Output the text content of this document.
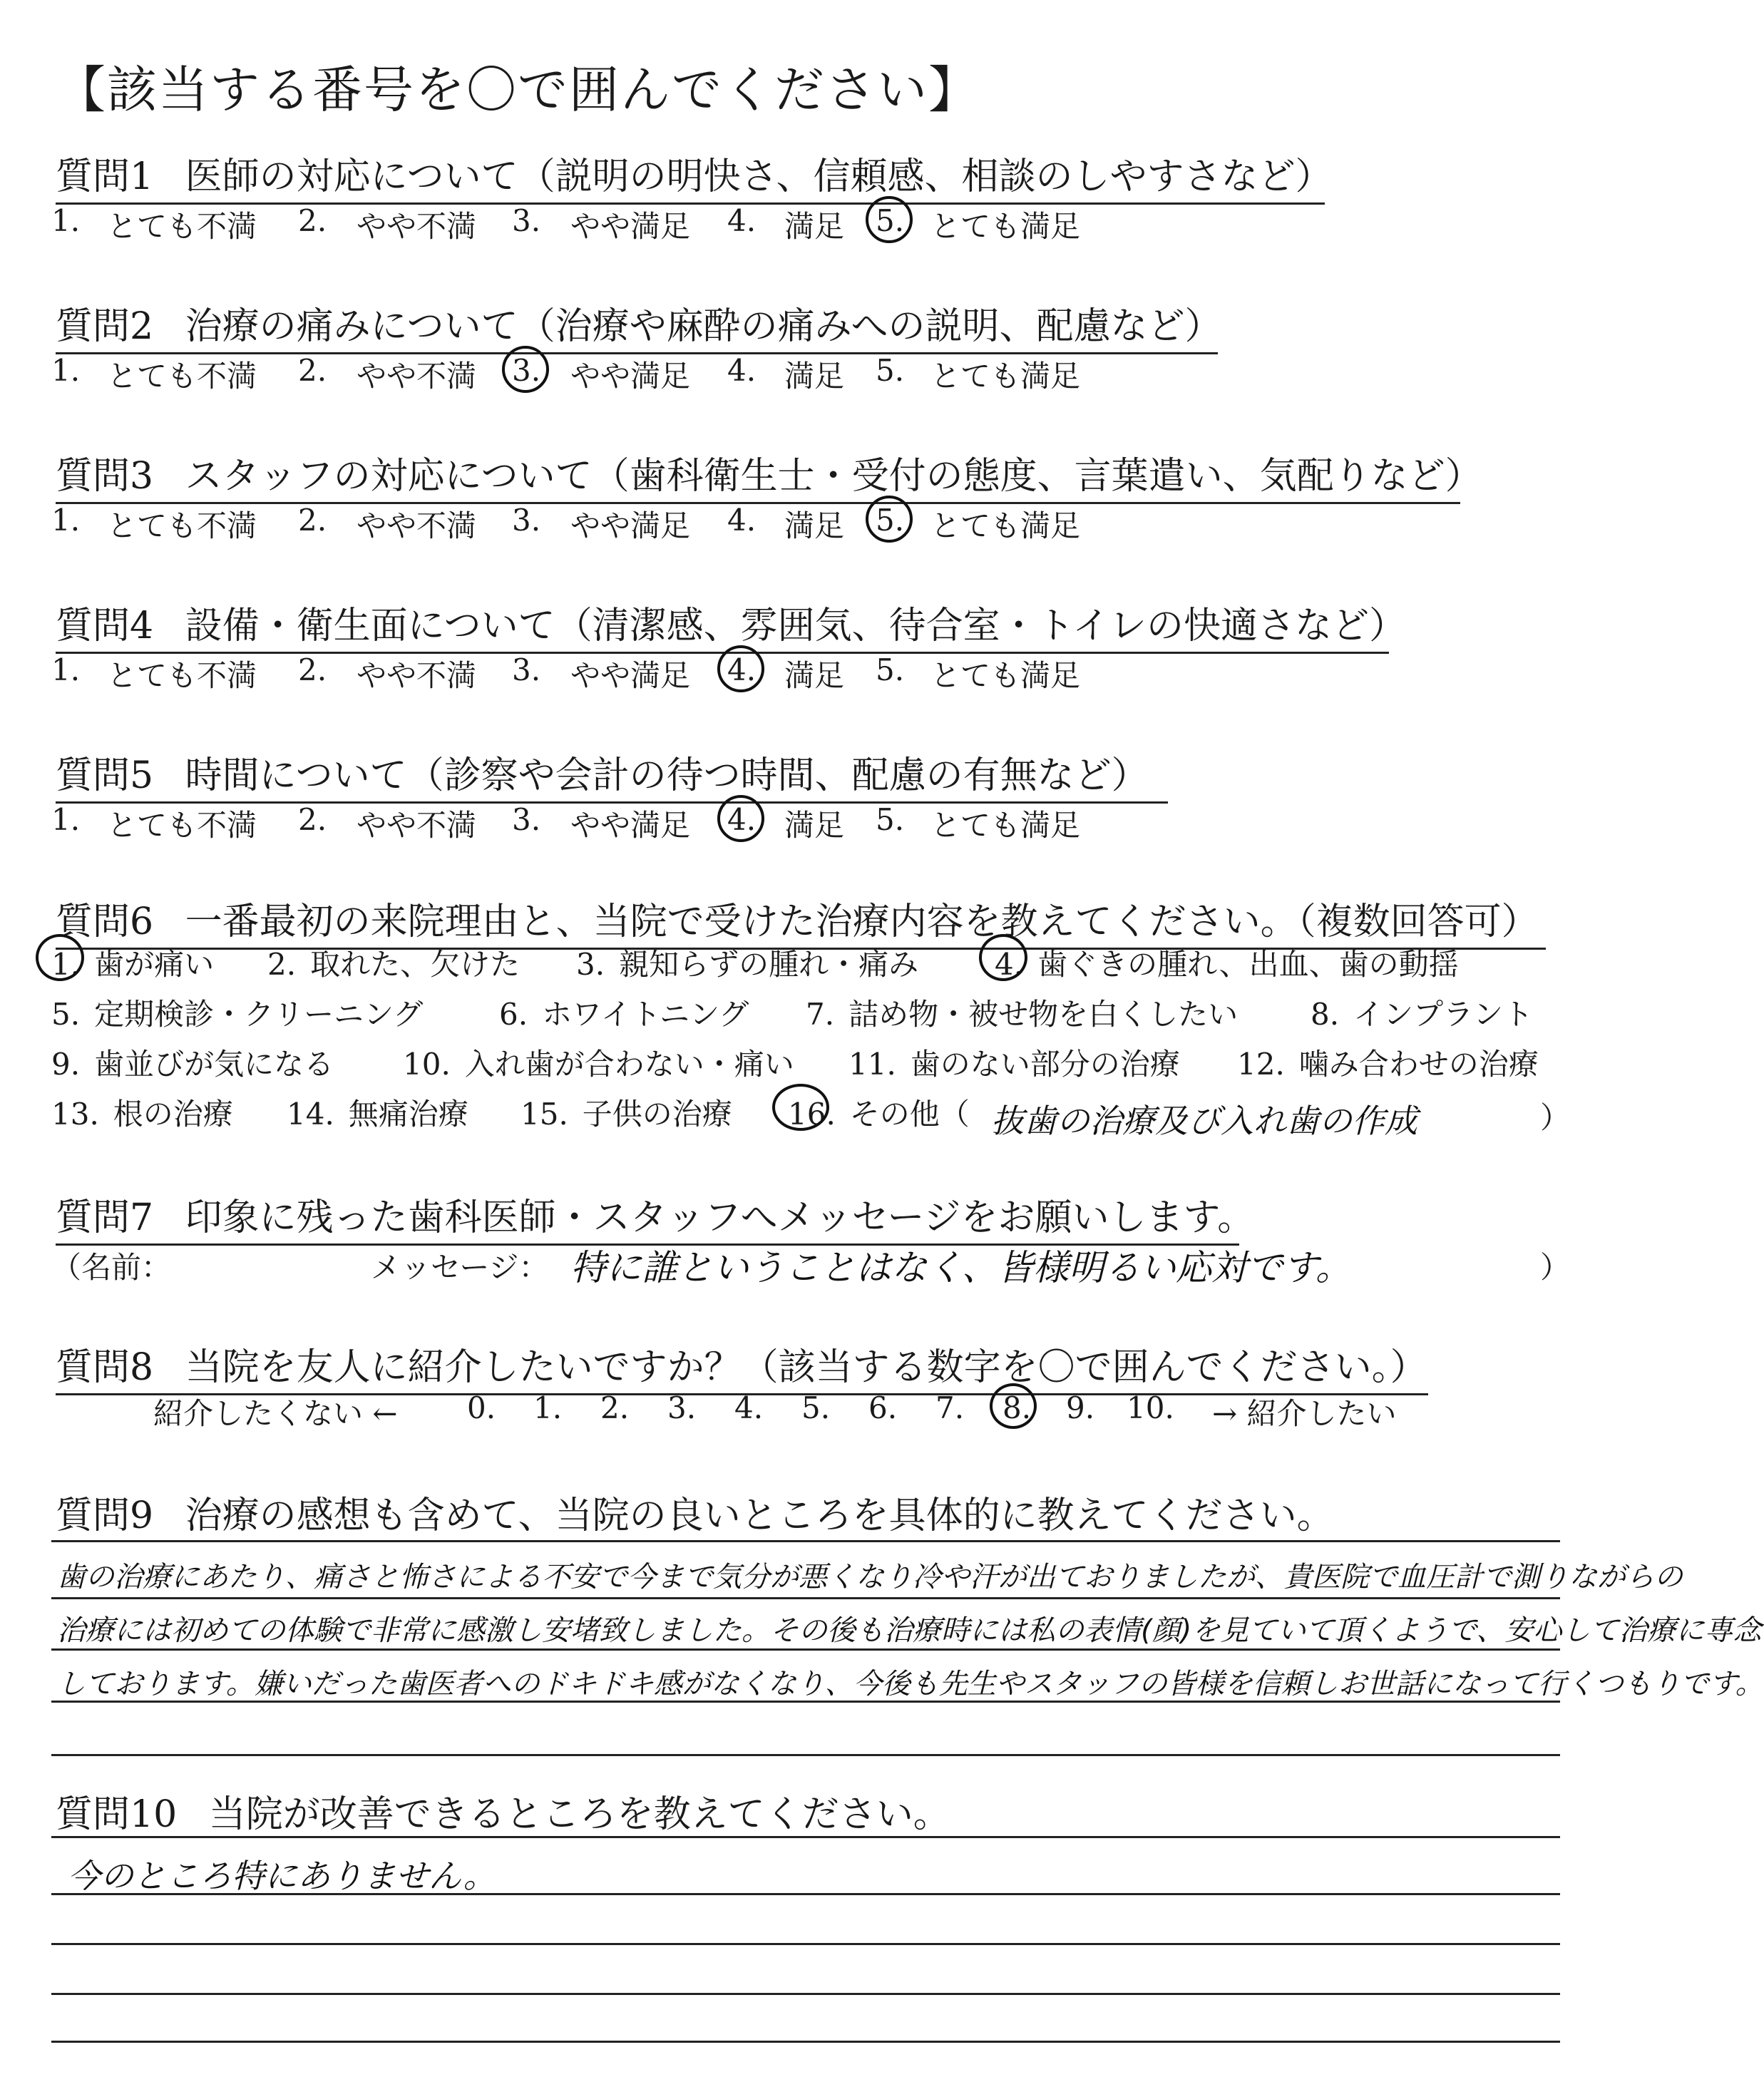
【該当する番号を〇で囲んでください】
質問1 医師の対応について（説明の明快さ、信頼感、相談のしやすさなど）
1. とても不満 2. やや不満 3. やや満足 4. 満足 5. とても満足
質問2 治療の痛みについて（治療や麻酔の痛みへの説明、配慮など）
1. とても不満 2. やや不満 3. やや満足 4. 満足 5. とても満足
質問3 スタッフの対応について（歯科衛生士・受付の態度、言葉遣い、気配りなど）
1. とても不満 2. やや不満 3. やや満足 4. 満足 5. とても満足
質問4 設備・衛生面について（清潔感、雰囲気、待合室・トイレの快適さなど）
1. とても不満 2. やや不満 3. やや満足 4. 満足 5. とても満足
質問5 時間について（診察や会計の待つ時間、配慮の有無など）
1. とても不満 2. やや不満 3. やや満足 4. 満足 5. とても満足
質問6 一番最初の来院理由と、当院で受けた治療内容を教えてください。（複数回答可）
1. 歯が痛い 2. 取れた、欠けた 3. 親知らずの腫れ・痛み	4. 歯ぐきの腫れ、出血、歯の動揺
5. 定期検診・クリーニング	6. ホワイトニング 7. 詰め物・被せ物を白くしたい 8. インプラント
9. 歯並びが気になる 10. 入れ歯が合わない・痛い 11. 歯のない部分の治療 12. 噛み合わせの治療
13. 根の治療 14. 無痛治療 15. 子供の治療 16. その他（ 抜歯の治療及び入れ歯の作成	）
質問7 印象に残った歯科医師・スタッフへメッセージをお願いします。
（名前：	メッセージ： 特に誰ということはなく、皆様明るい応対です。	）
質問8 当院を友人に紹介したいですか？（該当する数字を〇で囲んでください。）
紹介したくない ← 0. 1. 2. 3. 4. 5. 6. 7. 8. 9. 10. → 紹介したい
質問9 治療の感想も含めて、当院の良いところを具体的に教えてください。
歯の治療にあたり、痛さと怖さによる不安で今まで気分が悪くなり冷や汗が出ておりましたが、貴医院で血圧計で測りながらの
治療には初めての体験で非常に感激し安堵致しました。その後も治療時には私の表情(顔)を見ていて頂くようで、安心して治療に専念
しております。嫌いだった歯医者へのドキドキ感がなくなり、今後も先生やスタッフの皆様を信頼しお世話になって行くつもりです。
質問10 当院が改善できるところを教えてください。
今のところ特にありません。
